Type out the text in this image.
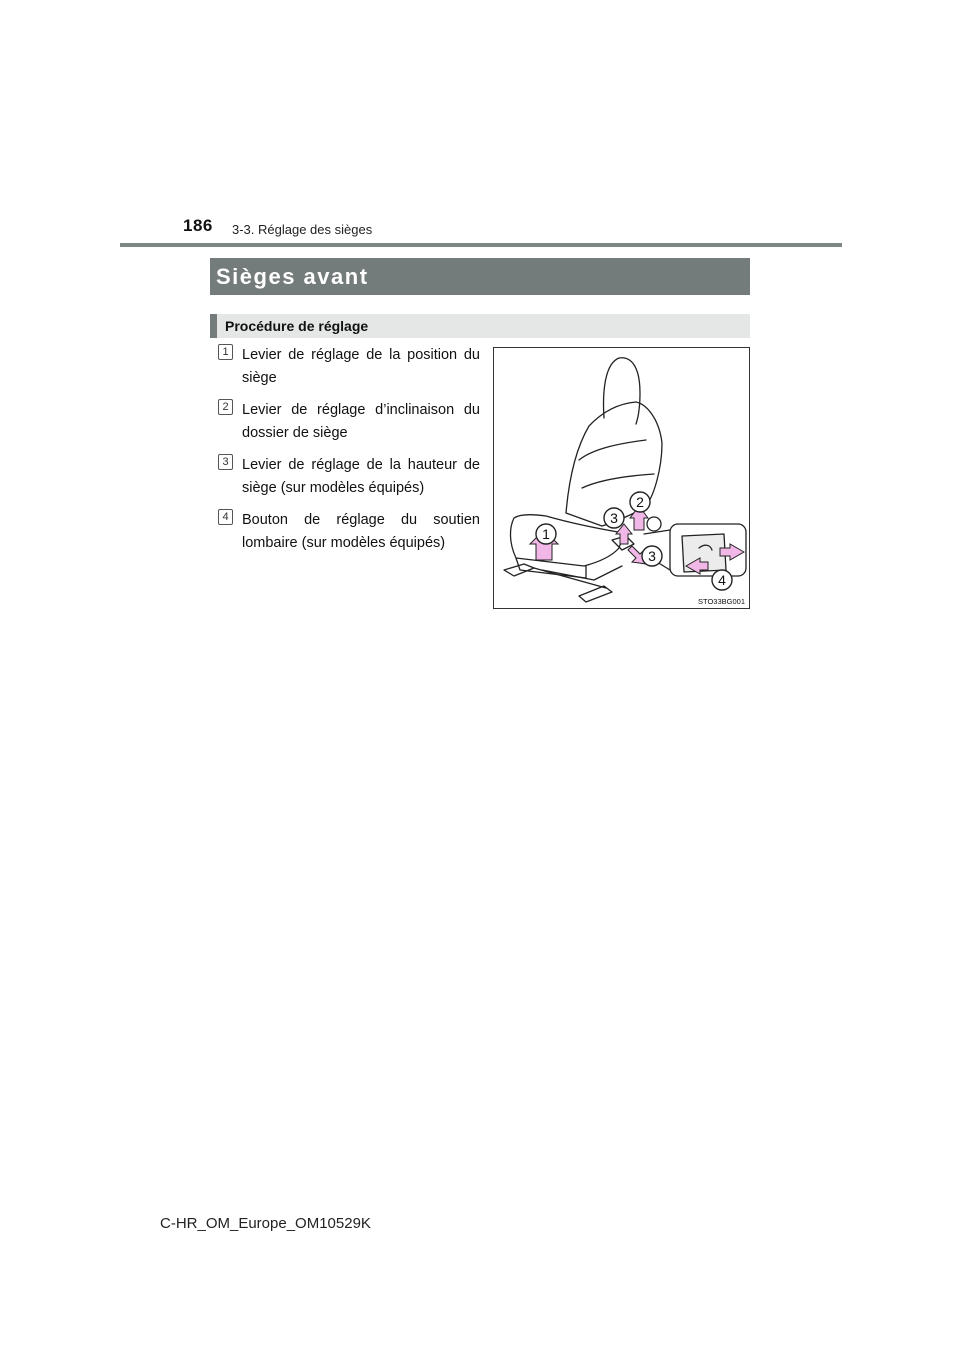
186 3-3. Réglage des sièges
Sièges avant
Procédure de réglage
1 Levier de réglage de la position du siège
2 Levier de réglage d’inclinaison du dossier de siège
3 Levier de réglage de la hauteur de siège (sur modèles équipés)
4 Bouton de réglage du soutien lombaire (sur modèles équipés)
1
2
3
3
4
STO33BG001
C-HR_OM_Europe_OM10529K
